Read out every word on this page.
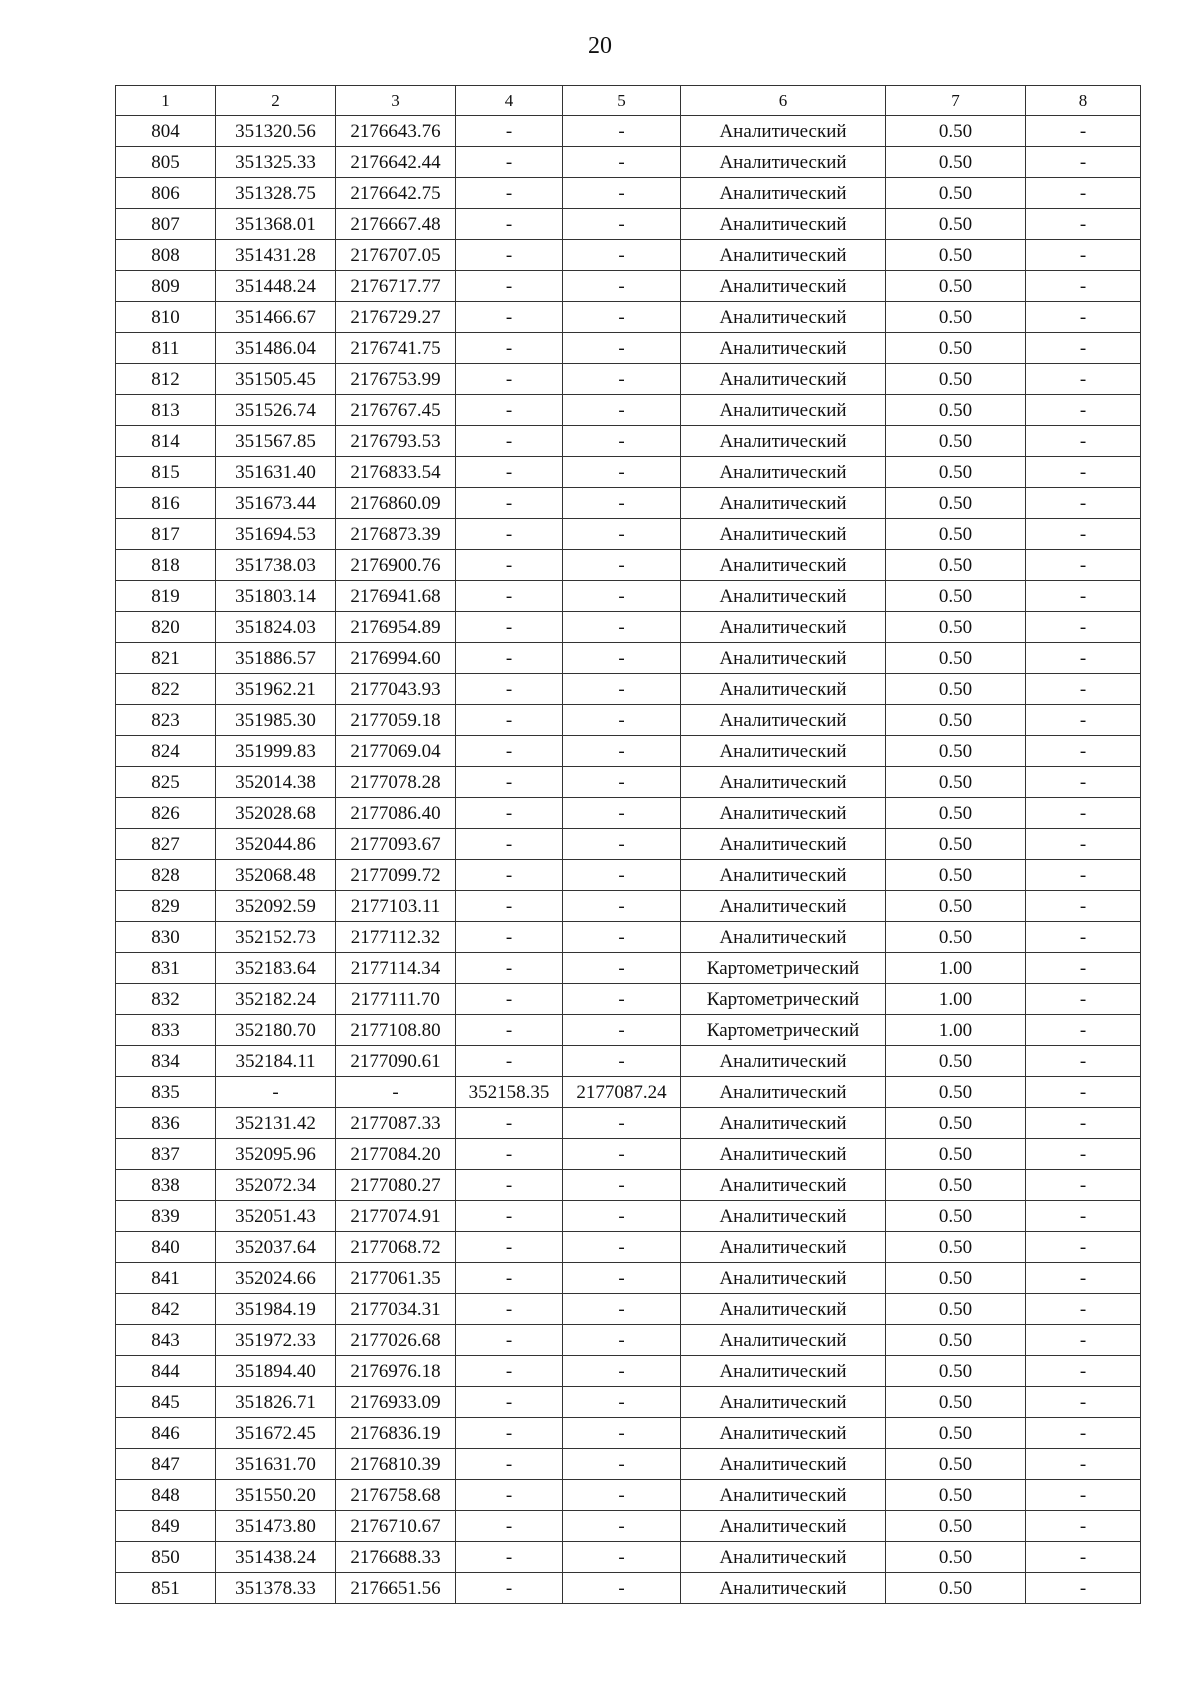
20
1	2	3	4	5	6	7	8
804	351320.56	2176643.76	-	-	Аналитический	0.50	-
805	351325.33	2176642.44	-	-	Аналитический	0.50	-
806	351328.75	2176642.75	-	-	Аналитический	0.50	-
807	351368.01	2176667.48	-	-	Аналитический	0.50	-
808	351431.28	2176707.05	-	-	Аналитический	0.50	-
809	351448.24	2176717.77	-	-	Аналитический	0.50	-
810	351466.67	2176729.27	-	-	Аналитический	0.50	-
811	351486.04	2176741.75	-	-	Аналитический	0.50	-
812	351505.45	2176753.99	-	-	Аналитический	0.50	-
813	351526.74	2176767.45	-	-	Аналитический	0.50	-
814	351567.85	2176793.53	-	-	Аналитический	0.50	-
815	351631.40	2176833.54	-	-	Аналитический	0.50	-
816	351673.44	2176860.09	-	-	Аналитический	0.50	-
817	351694.53	2176873.39	-	-	Аналитический	0.50	-
818	351738.03	2176900.76	-	-	Аналитический	0.50	-
819	351803.14	2176941.68	-	-	Аналитический	0.50	-
820	351824.03	2176954.89	-	-	Аналитический	0.50	-
821	351886.57	2176994.60	-	-	Аналитический	0.50	-
822	351962.21	2177043.93	-	-	Аналитический	0.50	-
823	351985.30	2177059.18	-	-	Аналитический	0.50	-
824	351999.83	2177069.04	-	-	Аналитический	0.50	-
825	352014.38	2177078.28	-	-	Аналитический	0.50	-
826	352028.68	2177086.40	-	-	Аналитический	0.50	-
827	352044.86	2177093.67	-	-	Аналитический	0.50	-
828	352068.48	2177099.72	-	-	Аналитический	0.50	-
829	352092.59	2177103.11	-	-	Аналитический	0.50	-
830	352152.73	2177112.32	-	-	Аналитический	0.50	-
831	352183.64	2177114.34	-	-	Картометрический	1.00	-
832	352182.24	2177111.70	-	-	Картометрический	1.00	-
833	352180.70	2177108.80	-	-	Картометрический	1.00	-
834	352184.11	2177090.61	-	-	Аналитический	0.50	-
835	-	-	352158.35	2177087.24	Аналитический	0.50	-
836	352131.42	2177087.33	-	-	Аналитический	0.50	-
837	352095.96	2177084.20	-	-	Аналитический	0.50	-
838	352072.34	2177080.27	-	-	Аналитический	0.50	-
839	352051.43	2177074.91	-	-	Аналитический	0.50	-
840	352037.64	2177068.72	-	-	Аналитический	0.50	-
841	352024.66	2177061.35	-	-	Аналитический	0.50	-
842	351984.19	2177034.31	-	-	Аналитический	0.50	-
843	351972.33	2177026.68	-	-	Аналитический	0.50	-
844	351894.40	2176976.18	-	-	Аналитический	0.50	-
845	351826.71	2176933.09	-	-	Аналитический	0.50	-
846	351672.45	2176836.19	-	-	Аналитический	0.50	-
847	351631.70	2176810.39	-	-	Аналитический	0.50	-
848	351550.20	2176758.68	-	-	Аналитический	0.50	-
849	351473.80	2176710.67	-	-	Аналитический	0.50	-
850	351438.24	2176688.33	-	-	Аналитический	0.50	-
851	351378.33	2176651.56	-	-	Аналитический	0.50	-
